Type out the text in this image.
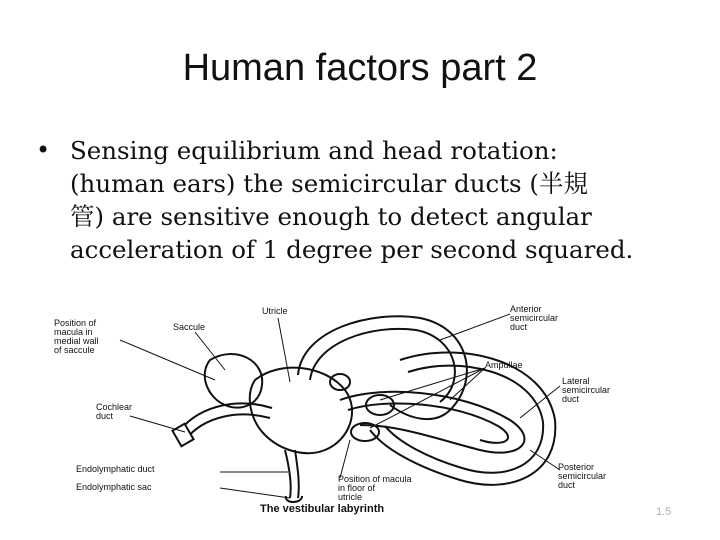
Human factors part 2
• Sensing equilibrium and head rotation:
(human ears) the semicircular ducts (半規
管) are sensitive enough to detect angular
acceleration of 1 degree per second squared.
Utricle
Saccule
Position of macula in medial wall of saccule
Anterior semicircular duct
Ampullae
Lateral semicircular duct
Cochlear duct
Endolymphatic duct
Endolymphatic sac
Position of macula in floor of utricle
Posterior semicircular duct
The vestibular labyrinth	1.5
